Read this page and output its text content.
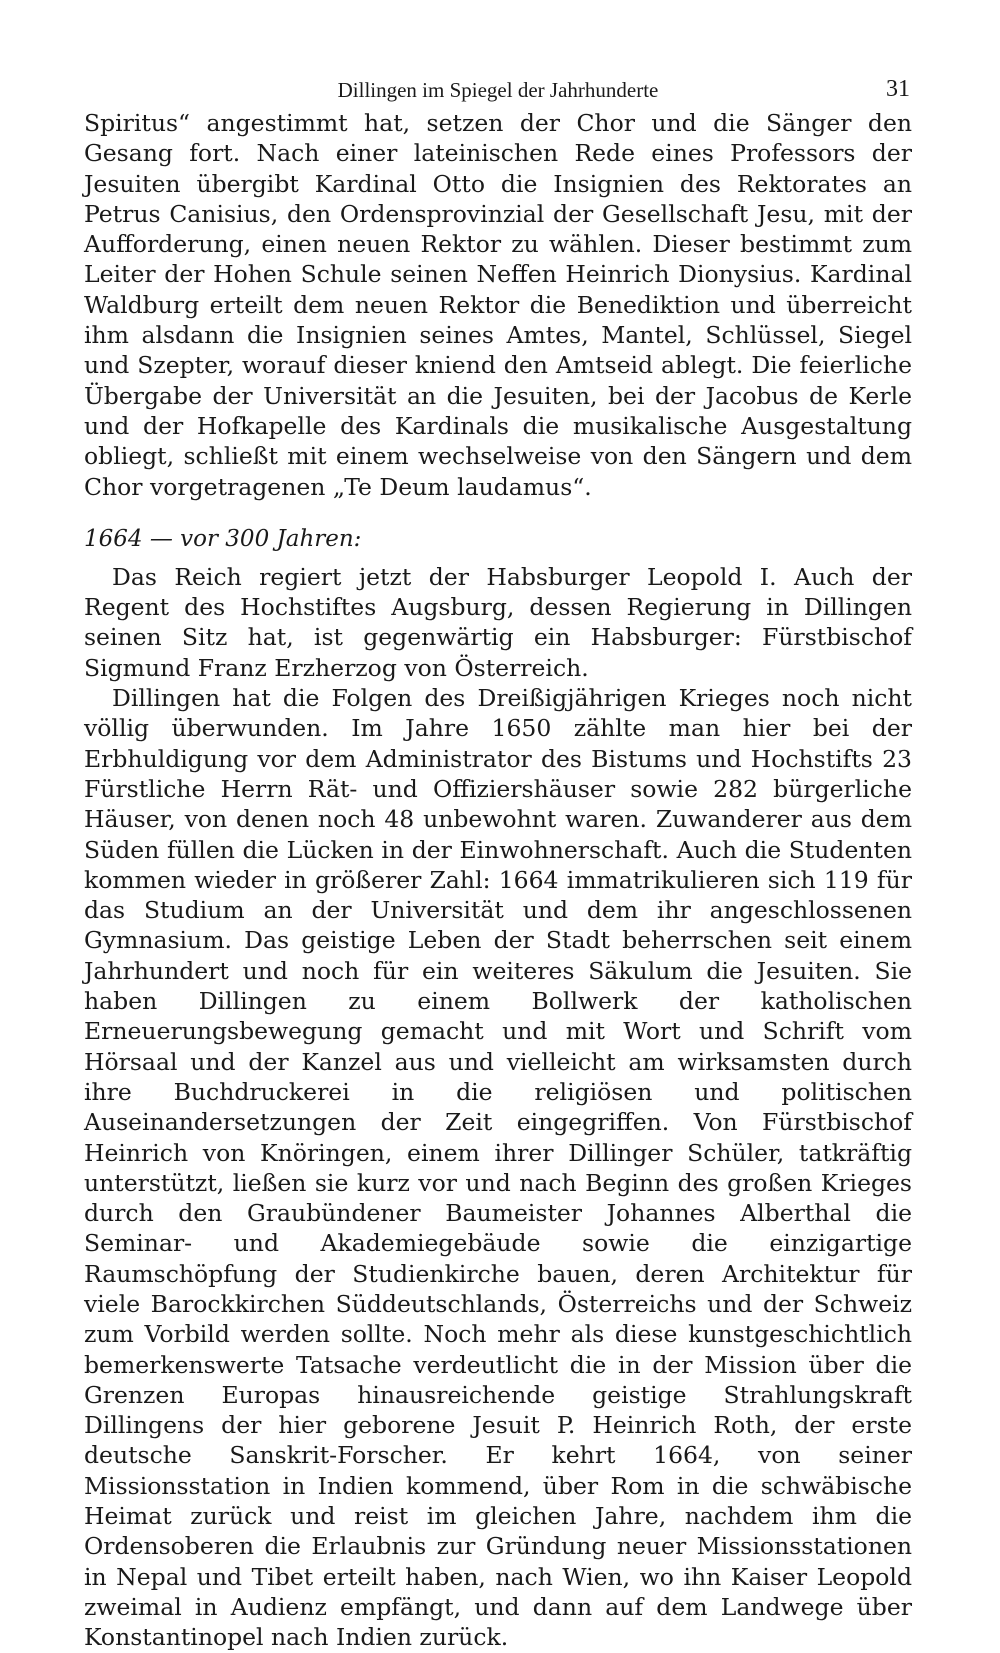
Dillingen im Spiegel der Jahrhunderte	31

Spiritus“ angestimmt hat, setzen der Chor und die Sänger den Gesang fort. Nach einer lateinischen Rede eines Professors der Jesuiten übergibt Kardinal Otto die Insignien des Rektorates an Petrus Canisius, den Ordensprovinzial der Gesellschaft Jesu, mit der Aufforderung, einen neuen Rektor zu wählen. Dieser bestimmt zum Leiter der Hohen Schule seinen Neffen Heinrich Dionysius. Kardinal Waldburg erteilt dem neuen Rektor die Benediktion und überreicht ihm alsdann die Insignien seines Amtes, Mantel, Schlüssel, Siegel und Szepter, worauf dieser kniend den Amtseid ablegt. Die feierliche Übergabe der Universität an die Jesuiten, bei der Jacobus de Kerle und der Hofkapelle des Kardinals die musikalische Ausgestaltung obliegt, schließt mit einem wechselweise von den Sängern und dem Chor vorgetragenen „Te Deum laudamus“.

1664 — vor 300 Jahren:

Das Reich regiert jetzt der Habsburger Leopold I. Auch der Regent des Hochstiftes Augsburg, dessen Regierung in Dillingen seinen Sitz hat, ist gegenwärtig ein Habsburger: Fürstbischof Sigmund Franz Erzherzog von Österreich.

Dillingen hat die Folgen des Dreißigjährigen Krieges noch nicht völlig überwunden. Im Jahre 1650 zählte man hier bei der Erbhuldigung vor dem Administrator des Bistums und Hochstifts 23 Fürstliche Herrn Rät- und Offiziershäuser sowie 282 bürgerliche Häuser, von denen noch 48 unbewohnt waren. Zuwanderer aus dem Süden füllen die Lücken in der Einwohnerschaft. Auch die Studenten kommen wieder in größerer Zahl: 1664 immatrikulieren sich 119 für das Studium an der Universität und dem ihr angeschlossenen Gymnasium. Das geistige Leben der Stadt beherrschen seit einem Jahrhundert und noch für ein weiteres Säkulum die Jesuiten. Sie haben Dillingen zu einem Bollwerk der katholischen Erneuerungsbewegung gemacht und mit Wort und Schrift vom Hörsaal und der Kanzel aus und vielleicht am wirksamsten durch ihre Buchdruckerei in die religiösen und politischen Auseinandersetzungen der Zeit eingegriffen. Von Fürstbischof Heinrich von Knöringen, einem ihrer Dillinger Schüler, tatkräftig unterstützt, ließen sie kurz vor und nach Beginn des großen Krieges durch den Graubündener Baumeister Johannes Alberthal die Seminar- und Akademiegebäude sowie die einzigartige Raumschöpfung der Studienkirche bauen, deren Architektur für viele Barockkirchen Süddeutschlands, Österreichs und der Schweiz zum Vorbild werden sollte. Noch mehr als diese kunstgeschichtlich bemerkenswerte Tatsache verdeutlicht die in der Mission über die Grenzen Europas hinausreichende geistige Strahlungskraft Dillingens der hier geborene Jesuit P. Heinrich Roth, der erste deutsche Sanskrit-Forscher. Er kehrt 1664, von seiner Missionsstation in Indien kommend, über Rom in die schwäbische Heimat zurück und reist im gleichen Jahre, nachdem ihm die Ordensoberen die Erlaubnis zur Gründung neuer Missionsstationen in Nepal und Tibet erteilt haben, nach Wien, wo ihn Kaiser Leopold zweimal in Audienz empfängt, und dann auf dem Landwege über Konstantinopel nach Indien zurück.
